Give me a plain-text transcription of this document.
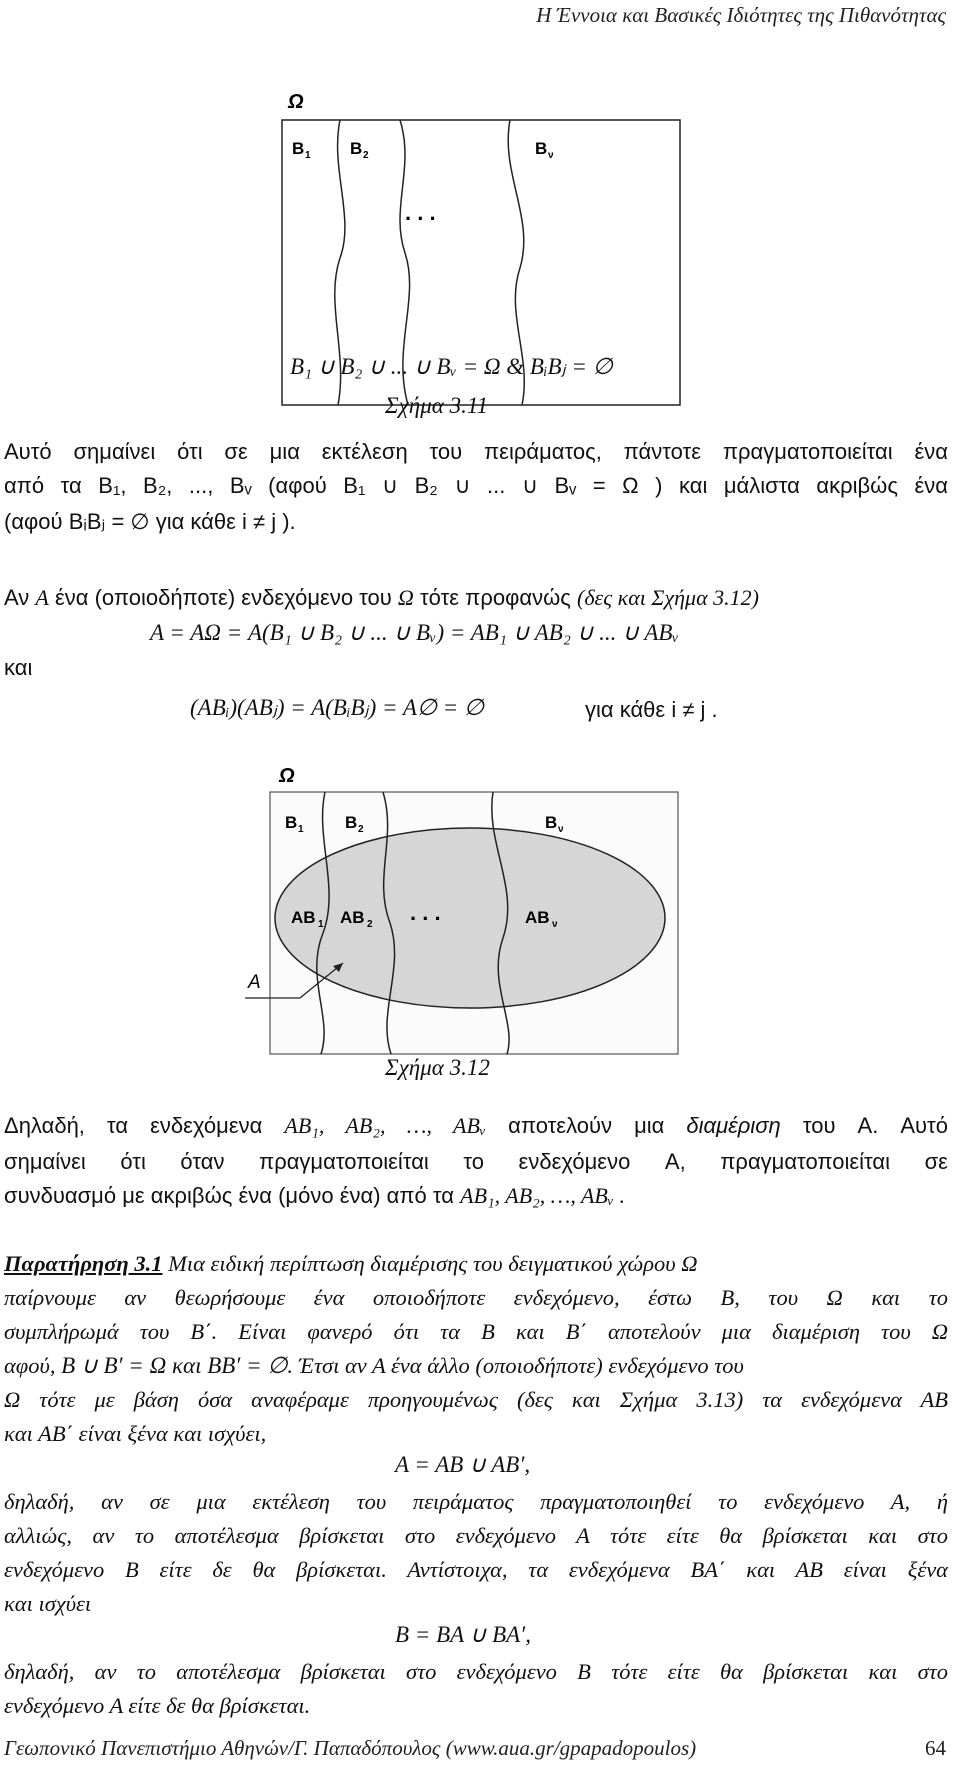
Η Έννοια και Βασικές Ιδιότητες της Πιθανότητας
Ω
B 1 B 2	B ν
. . .
B₁ ∪ B₂ ∪ ... ∪ Bᵥ = Ω & BᵢBⱼ = ∅
Σχήμα 3.11
Αυτό σημαίνει ότι σε μια εκτέλεση του πειράματος, πάντοτε πραγματοποιείται ένα
από τα B₁, B₂, ..., Bᵥ (αφού B₁ ∪ B₂ ∪ ... ∪ Bᵥ = Ω ) και μάλιστα ακριβώς ένα
(αφού BᵢBⱼ = ∅ για κάθε i ≠ j ).
Αν A ένα (οποιοδήποτε) ενδεχόμενο του Ω τότε προφανώς (δες και Σχήμα 3.12)
A = AΩ = A(B₁ ∪ B₂ ∪ ... ∪ Bᵥ) = AB₁ ∪ AB₂ ∪ ... ∪ ABᵥ
και
(ABᵢ)(ABⱼ) = A(BᵢBⱼ) = A∅ = ∅	για κάθε i ≠ j .
Ω
B 1 B 2	B ν
AB 1 AB 2	AB ν
. . .
A
Σχήμα 3.12
Δηλαδή, τα ενδεχόμενα AB₁, AB₂, …, ABᵥ αποτελούν μια διαμέριση του A. Αυτό
σημαίνει ότι όταν πραγματοποιείται το ενδεχόμενο A, πραγματοποιείται σε
συνδυασμό με ακριβώς ένα (μόνο ένα) από τα AB₁, AB₂, …, ABᵥ .
Παρατήρηση 3.1 Μια ειδική περίπτωση διαμέρισης του δειγματικού χώρου Ω
παίρνουμε αν θεωρήσουμε ένα οποιοδήποτε ενδεχόμενο, έστω Β, του Ω και το
συμπλήρωμά του Β΄. Είναι φανερό ότι τα Β και Β΄ αποτελούν μια διαμέριση του Ω
αφού, B ∪ B′ = Ω και BB′ = ∅. Έτσι αν Α ένα άλλο (οποιοδήποτε) ενδεχόμενο του
Ω τότε με βάση όσα αναφέραμε προηγουμένως (δες και Σχήμα 3.13) τα ενδεχόμενα ΑΒ
και ΑΒ΄ είναι ξένα και ισχύει,
A = AB ∪ AB′,
δηλαδή, αν σε μια εκτέλεση του πειράματος πραγματοποιηθεί το ενδεχόμενο Α, ή
αλλιώς, αν το αποτέλεσμα βρίσκεται στο ενδεχόμενο Α τότε είτε θα βρίσκεται και στο
ενδεχόμενο Β είτε δε θα βρίσκεται. Αντίστοιχα, τα ενδεχόμενα ΒΑ΄ και ΑΒ είναι ξένα
και ισχύει
B = BA ∪ BA′,
δηλαδή, αν το αποτέλεσμα βρίσκεται στο ενδεχόμενο Β τότε είτε θα βρίσκεται και στο
ενδεχόμενο Α είτε δε θα βρίσκεται.
Γεωπονικό Πανεπιστήμιο Αθηνών/Γ. Παπαδόπουλος (www.aua.gr/gpapadopoulos)	64
